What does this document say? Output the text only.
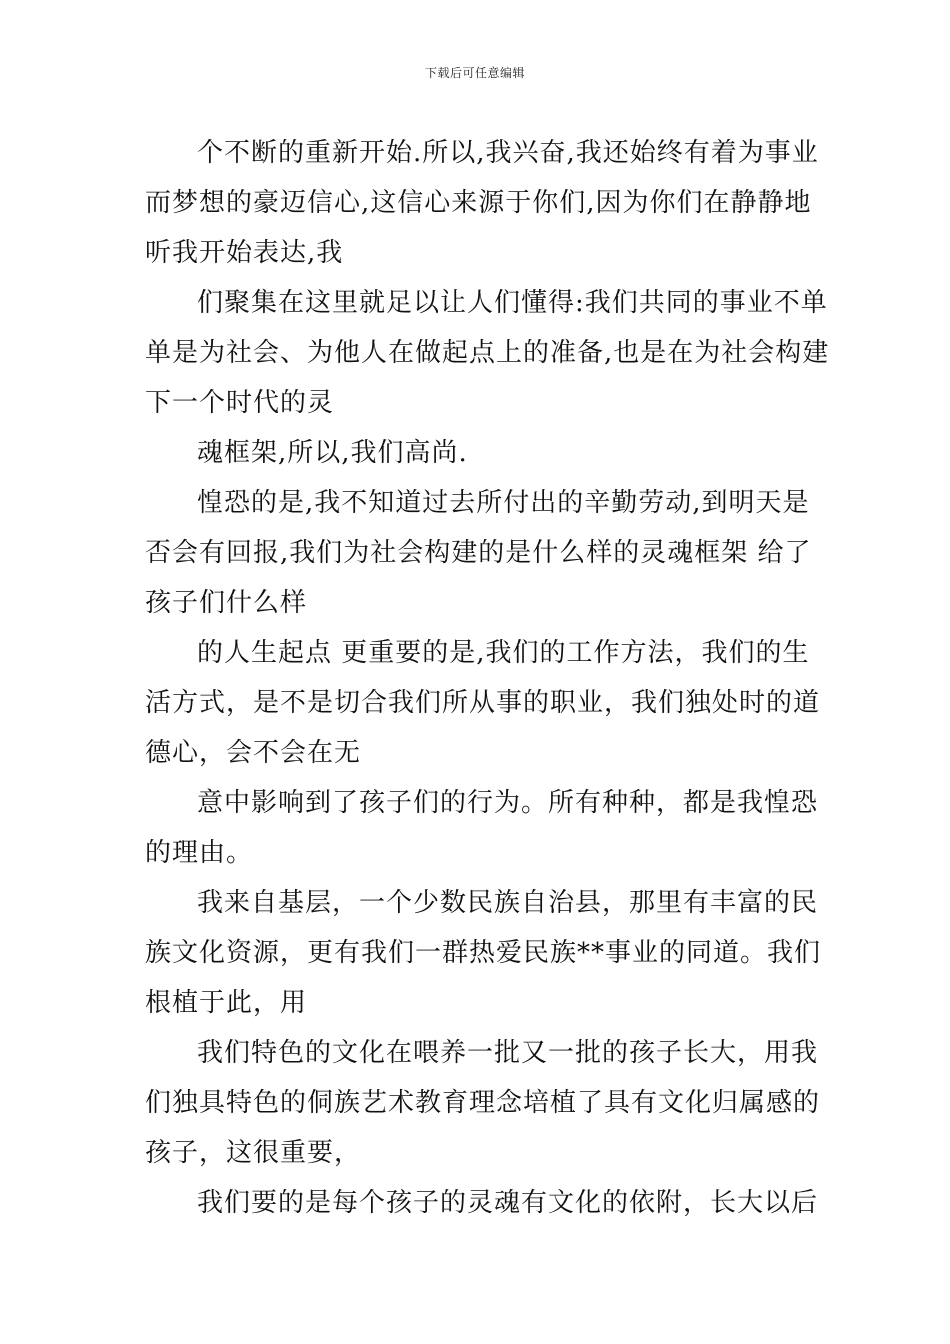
下载后可任意编辑

个不断的重新开始.所以,我兴奋,我还始终有着为事业
而梦想的豪迈信心,这信心来源于你们,因为你们在静静地
听我开始表达,我

们聚集在这里就足以让人们懂得:我们共同的事业不单
单是为社会、为他人在做起点上的准备,也是在为社会构建
下一个时代的灵

魂框架,所以,我们高尚.

惶恐的是,我不知道过去所付出的辛勤劳动,到明天是
否会有回报,我们为社会构建的是什么样的灵魂框架 给了
孩子们什么样

的人生起点 更重要的是,我们的工作方法，我们的生
活方式，是不是切合我们所从事的职业，我们独处时的道
德心，会不会在无

意中影响到了孩子们的行为。所有种种，都是我惶恐
的理由。

我来自基层，一个少数民族自治县，那里有丰富的民
族文化资源，更有我们一群热爱民族**事业的同道。我们
根植于此，用

我们特色的文化在喂养一批又一批的孩子长大，用我
们独具特色的侗族艺术教育理念培植了具有文化归属感的
孩子，这很重要，

我们要的是每个孩子的灵魂有文化的依附，长大以后
